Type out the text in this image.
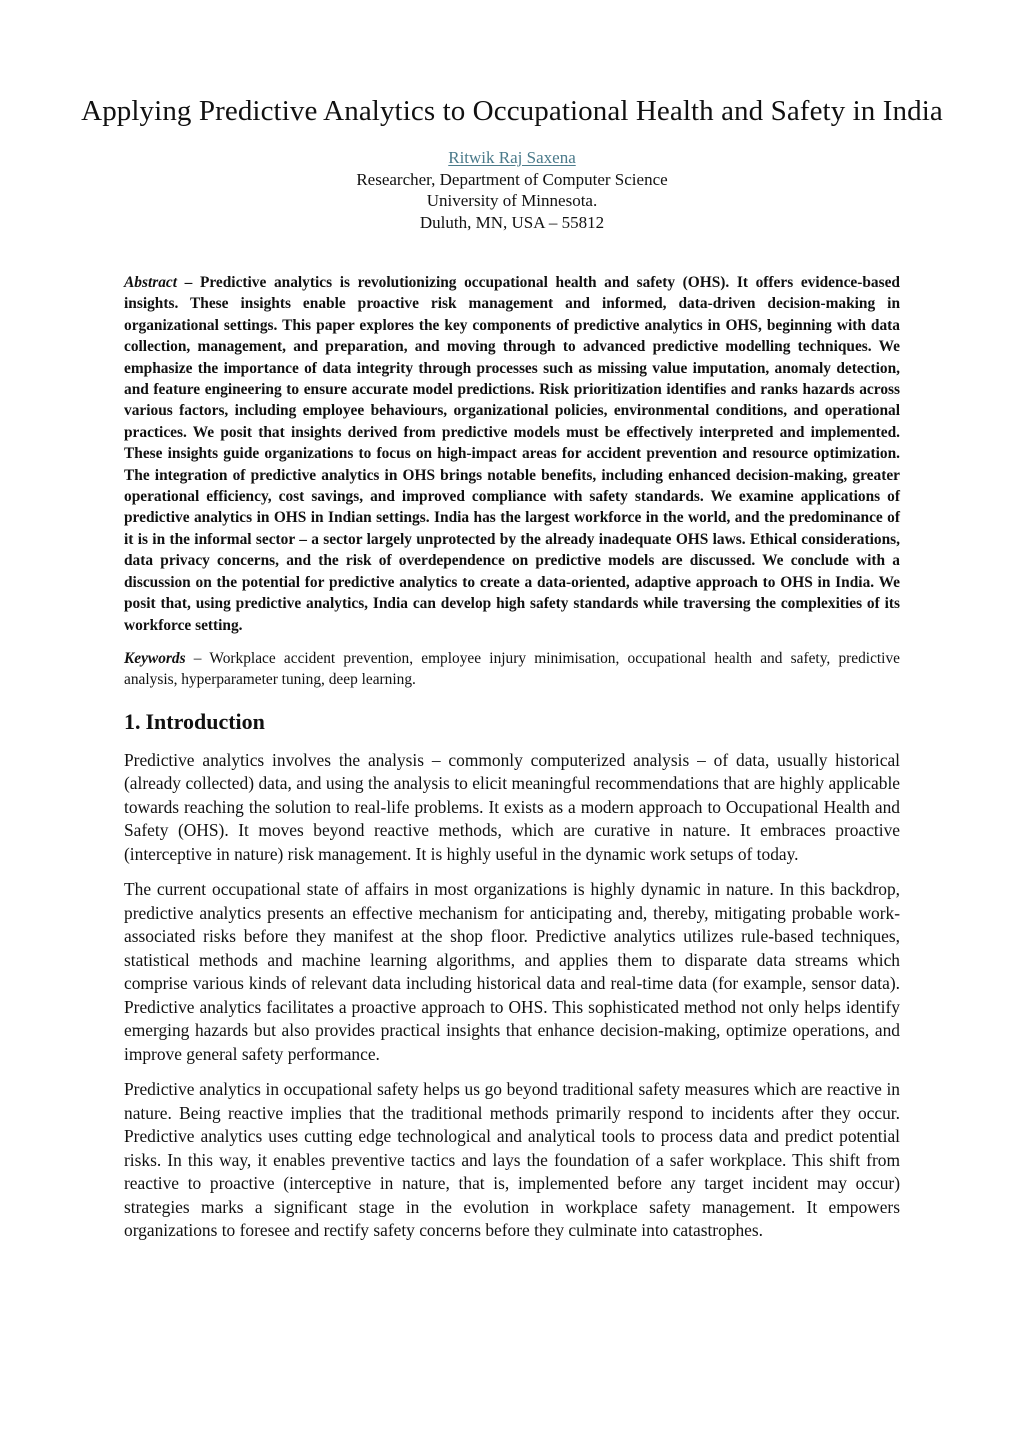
Applying Predictive Analytics to Occupational Health and Safety in India
Ritwik Raj Saxena
Researcher, Department of Computer Science
University of Minnesota.
Duluth, MN, USA – 55812

Abstract – Predictive analytics is revolutionizing occupational health and safety (OHS). It offers evidence-based insights. These insights enable proactive risk management and informed, data-driven decision-making in organizational settings. This paper explores the key components of predictive analytics in OHS, beginning with data collection, management, and preparation, and moving through to advanced predictive modelling techniques. We emphasize the importance of data integrity through processes such as missing value imputation, anomaly detection, and feature engineering to ensure accurate model predictions. Risk prioritization identifies and ranks hazards across various factors, including employee behaviours, organizational policies, environmental conditions, and operational practices. We posit that insights derived from predictive models must be effectively interpreted and implemented. These insights guide organizations to focus on high-impact areas for accident prevention and resource optimization. The integration of predictive analytics in OHS brings notable benefits, including enhanced decision-making, greater operational efficiency, cost savings, and improved compliance with safety standards. We examine applications of predictive analytics in OHS in Indian settings. India has the largest workforce in the world, and the predominance of it is in the informal sector – a sector largely unprotected by the already inadequate OHS laws. Ethical considerations, data privacy concerns, and the risk of overdependence on predictive models are discussed. We conclude with a discussion on the potential for predictive analytics to create a data-oriented, adaptive approach to OHS in India. We posit that, using predictive analytics, India can develop high safety standards while traversing the complexities of its workforce setting.

Keywords – Workplace accident prevention, employee injury minimisation, occupational health and safety, predictive analysis, hyperparameter tuning, deep learning.

1. Introduction

Predictive analytics involves the analysis – commonly computerized analysis – of data, usually historical (already collected) data, and using the analysis to elicit meaningful recommendations that are highly applicable towards reaching the solution to real-life problems. It exists as a modern approach to Occupational Health and Safety (OHS). It moves beyond reactive methods, which are curative in nature. It embraces proactive (interceptive in nature) risk management. It is highly useful in the dynamic work setups of today.

The current occupational state of affairs in most organizations is highly dynamic in nature. In this backdrop, predictive analytics presents an effective mechanism for anticipating and, thereby, mitigating probable work-associated risks before they manifest at the shop floor. Predictive analytics utilizes rule-based techniques, statistical methods and machine learning algorithms, and applies them to disparate data streams which comprise various kinds of relevant data including historical data and real-time data (for example, sensor data). Predictive analytics facilitates a proactive approach to OHS. This sophisticated method not only helps identify emerging hazards but also provides practical insights that enhance decision-making, optimize operations, and improve general safety performance.

Predictive analytics in occupational safety helps us go beyond traditional safety measures which are reactive in nature. Being reactive implies that the traditional methods primarily respond to incidents after they occur. Predictive analytics uses cutting edge technological and analytical tools to process data and predict potential risks. In this way, it enables preventive tactics and lays the foundation of a safer workplace. This shift from reactive to proactive (interceptive in nature, that is, implemented before any target incident may occur) strategies marks a significant stage in the evolution in workplace safety management. It empowers organizations to foresee and rectify safety concerns before they culminate into catastrophes.
